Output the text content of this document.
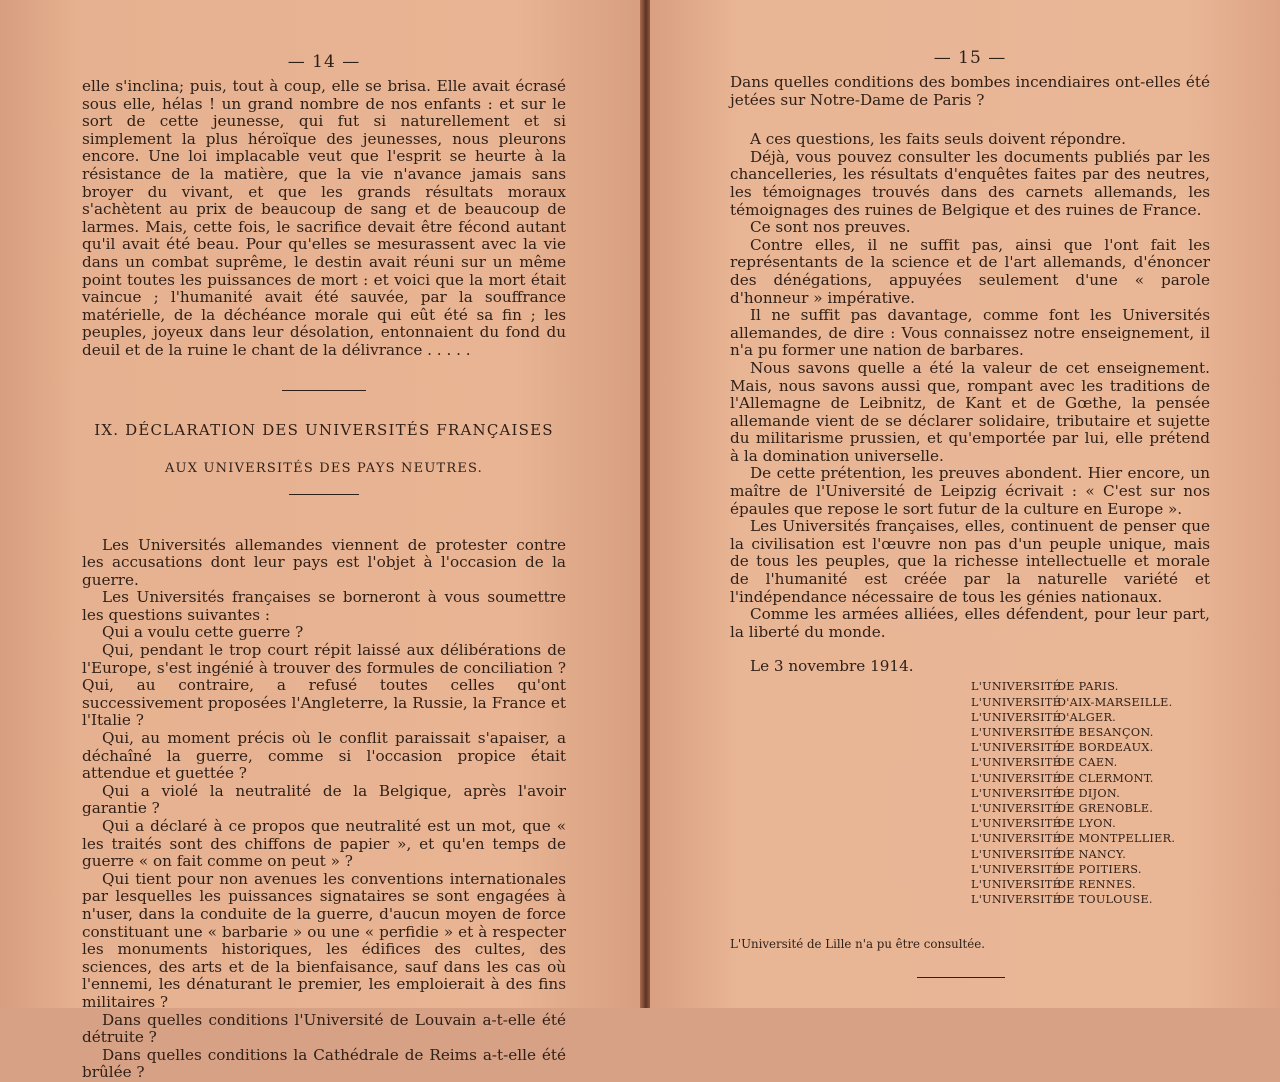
— 14 —

elle s'inclina; puis, tout à coup, elle se brisa. Elle avait écrasé sous elle, hélas ! un grand nombre de nos enfants : et sur le sort de cette jeunesse, qui fut si naturellement et si simplement la plus héroïque des jeunesses, nous pleurons encore. Une loi implacable veut que l'esprit se heurte à la résistance de la matière, que la vie n'avance jamais sans broyer du vivant, et que les grands résultats moraux s'achètent au prix de beaucoup de sang et de beaucoup de larmes. Mais, cette fois, le sacrifice devait être fécond autant qu'il avait été beau. Pour qu'elles se mesurassent avec la vie dans un combat suprême, le destin avait réuni sur un même point toutes les puissances de mort : et voici que la mort était vaincue ; l'humanité avait été sauvée, par la souffrance matérielle, de la déchéance morale qui eût été sa fin ; les peuples, joyeux dans leur désolation, entonnaient du fond du deuil et de la ruine le chant de la délivrance . . . . .

IX. DÉCLARATION DES UNIVERSITÉS FRANÇAISES
AUX UNIVERSITÉS DES PAYS NEUTRES.

Les Universités allemandes viennent de protester contre les accusations dont leur pays est l'objet à l'occasion de la guerre.

Les Universités françaises se borneront à vous soumettre les questions suivantes :

Qui a voulu cette guerre ?

Qui, pendant le trop court répit laissé aux délibérations de l'Europe, s'est ingénié à trouver des formules de conciliation ? Qui, au contraire, a refusé toutes celles qu'ont successivement proposées l'Angleterre, la Russie, la France et l'Italie ?

Qui, au moment précis où le conflit paraissait s'apaiser, a déchaîné la guerre, comme si l'occasion propice était attendue et guettée ?

Qui a violé la neutralité de la Belgique, après l'avoir garantie ?

Qui a déclaré à ce propos que neutralité est un mot, que « les traités sont des chiffons de papier », et qu'en temps de guerre « on fait comme on peut » ?

Qui tient pour non avenues les conventions internationales par lesquelles les puissances signataires se sont engagées à n'user, dans la conduite de la guerre, d'aucun moyen de force constituant une « barbarie » ou une « perfidie » et à respecter les monuments historiques, les édifices des cultes, des sciences, des arts et de la bienfaisance, sauf dans les cas où l'ennemi, les dénaturant le premier, les emploierait à des fins militaires ?

Dans quelles conditions l'Université de Louvain a-t-elle été détruite ?

Dans quelles conditions la Cathédrale de Reims a-t-elle été brûlée ?

— 15 —

Dans quelles conditions des bombes incendiaires ont-elles été jetées sur Notre-Dame de Paris ?

A ces questions, les faits seuls doivent répondre.

Déjà, vous pouvez consulter les documents publiés par les chancelleries, les résultats d'enquêtes faites par des neutres, les témoignages trouvés dans des carnets allemands, les témoignages des ruines de Belgique et des ruines de France.

Ce sont nos preuves.

Contre elles, il ne suffit pas, ainsi que l'ont fait les représentants de la science et de l'art allemands, d'énoncer des dénégations, appuyées seulement d'une « parole d'honneur » impérative.

Il ne suffit pas davantage, comme font les Universités allemandes, de dire : Vous connaissez notre enseignement, il n'a pu former une nation de barbares.

Nous savons quelle a été la valeur de cet enseignement. Mais, nous savons aussi que, rompant avec les traditions de l'Allemagne de Leibnitz, de Kant et de Gœthe, la pensée allemande vient de se déclarer solidaire, tributaire et sujette du militarisme prussien, et qu'emportée par lui, elle prétend à la domination universelle.

De cette prétention, les preuves abondent. Hier encore, un maître de l'Université de Leipzig écrivait : « C'est sur nos épaules que repose le sort futur de la culture en Europe ».

Les Universités françaises, elles, continuent de penser que la civilisation est l'œuvre non pas d'un peuple unique, mais de tous les peuples, que la richesse intellectuelle et morale de l'humanité est créée par la naturelle variété et l'indépendance nécessaire de tous les génies nationaux.

Comme les armées alliées, elles défendent, pour leur part, la liberté du monde.

Le 3 novembre 1914.
L'UNIVERSITÉDE PARIS.
L'UNIVERSITÉD'AIX-MARSEILLE.
L'UNIVERSITÉD'ALGER.
L'UNIVERSITÉDE BESANÇON.
L'UNIVERSITÉDE BORDEAUX.
L'UNIVERSITÉDE CAEN.
L'UNIVERSITÉDE CLERMONT.
L'UNIVERSITÉDE DIJON.
L'UNIVERSITÉDE GRENOBLE.
L'UNIVERSITÉDE LYON.
L'UNIVERSITÉDE MONTPELLIER.
L'UNIVERSITÉDE NANCY.
L'UNIVERSITÉDE POITIERS.
L'UNIVERSITÉDE RENNES.
L'UNIVERSITÉDE TOULOUSE.
L'Université de Lille n'a pu être consultée.
